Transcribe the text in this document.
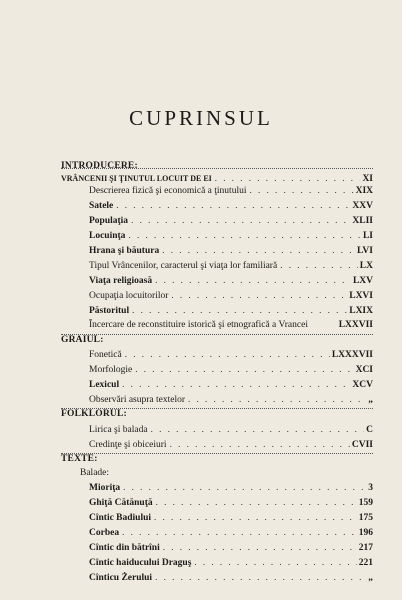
CUPRINSUL
INTRODUCERE:
VRÂNCENII ŞI ŢINUTUL LOCUIT DE EI . . .	XI
Descrierea fizică şi economică a ţinutului . . .	XIX
Satele . . .	XXV
Populaţia . . .	XLII
Locuinţa . . .	LI
Hrana şi băutura . . .	LVI
Tipul Vrâncenilor, caracterul şi viaţa lor familiară . . .	LX
Viaţa religioasă . . .	LXV
Ocupaţia locuitorilor . . .	LXVI
Păstoritul . . .	LXIX
Încercare de reconstituire istorică şi etnografică a Vrancei	LXXVII
GRAIUL:
Fonetică . . .	LXXXVII
Morfologie . . .	XCI
Lexicul . . .	XCV
Observări asupra textelor . . .	„
FOLKLORUL:
Lirica şi balada . . .	C
Credinţe şi obiceiuri . . .	CVII
TEXTE:
Balade:
Mioriţa . . .	3
Ghiţă Cătănuţă . . .	159
Cîntic Badiului . . .	175
Corbea . . .	196
Cîntic din bătrîni . . .	217
Cîntic haiducului Draguş . . .	221
Cînticu Żerului . . .	„
